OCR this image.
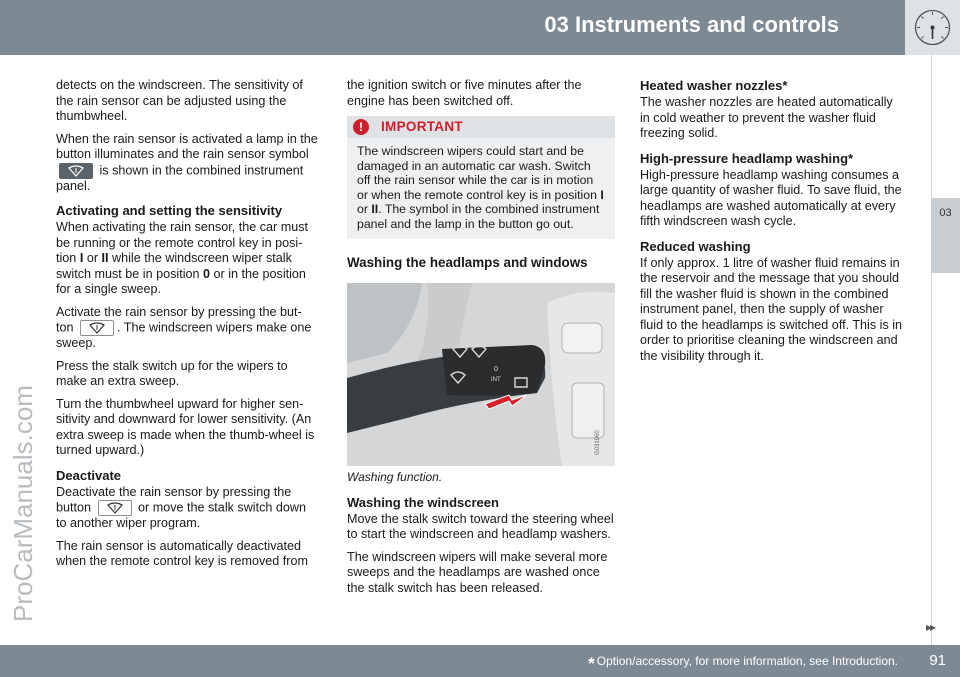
03 Instruments and controls
03
ProCarManuals.com

detects on the windscreen. The sensitivity of the rain sensor can be adjusted using the thumbwheel.

When the rain sensor is activated a lamp in the button illuminates and the rain sensor symbol
is shown in the combined instrument panel.

Activating and setting the sensitivity

When activating the rain sensor, the car must be running or the remote control key in posi-tion I or II while the windscreen wiper stalk switch must be in position 0 or in the position for a single sweep.

Activate the rain sensor by pressing the but-ton	. The windscreen wipers make one sweep.

Press the stalk switch up for the wipers to make an extra sweep.

Turn the thumbwheel upward for higher sen-sitivity and downward for lower sensitivity. (An extra sweep is made when the thumb-wheel is turned upward.)

Deactivate

Deactivate the rain sensor by pressing the button	or move the stalk switch down to another wiper program.

The rain sensor is automatically deactivated when the remote control key is removed from

the ignition switch or five minutes after the engine has been switched off.

!	IMPORTANT
The windscreen wipers could start and be damaged in an automatic car wash. Switch off the rain sensor while the car is in motion or when the remote control key is in position I or II. The symbol in the combined instrument panel and the lamp in the button go out.
Washing the headlamps and windows
0
INT
G031960

Washing function.

Washing the windscreen

Move the stalk switch toward the steering wheel to start the windscreen and headlamp washers.

The windscreen wipers will make several more sweeps and the headlamps are washed once the stalk switch has been released.

Heated washer nozzles*

The washer nozzles are heated automatically in cold weather to prevent the washer fluid freezing solid.

High-pressure headlamp washing*

High-pressure headlamp washing consumes a large quantity of washer fluid. To save fluid, the headlamps are washed automatically at every fifth windscreen wash cycle.

Reduced washing

If only approx. 1 litre of washer fluid remains in the reservoir and the message that you should fill the washer fluid is shown in the combined instrument panel, then the supply of washer fluid to the headlamps is switched off. This is in order to prioritise cleaning the windscreen and the visibility through it.

▸▸
* Option/accessory, for more information, see Introduction. 91
